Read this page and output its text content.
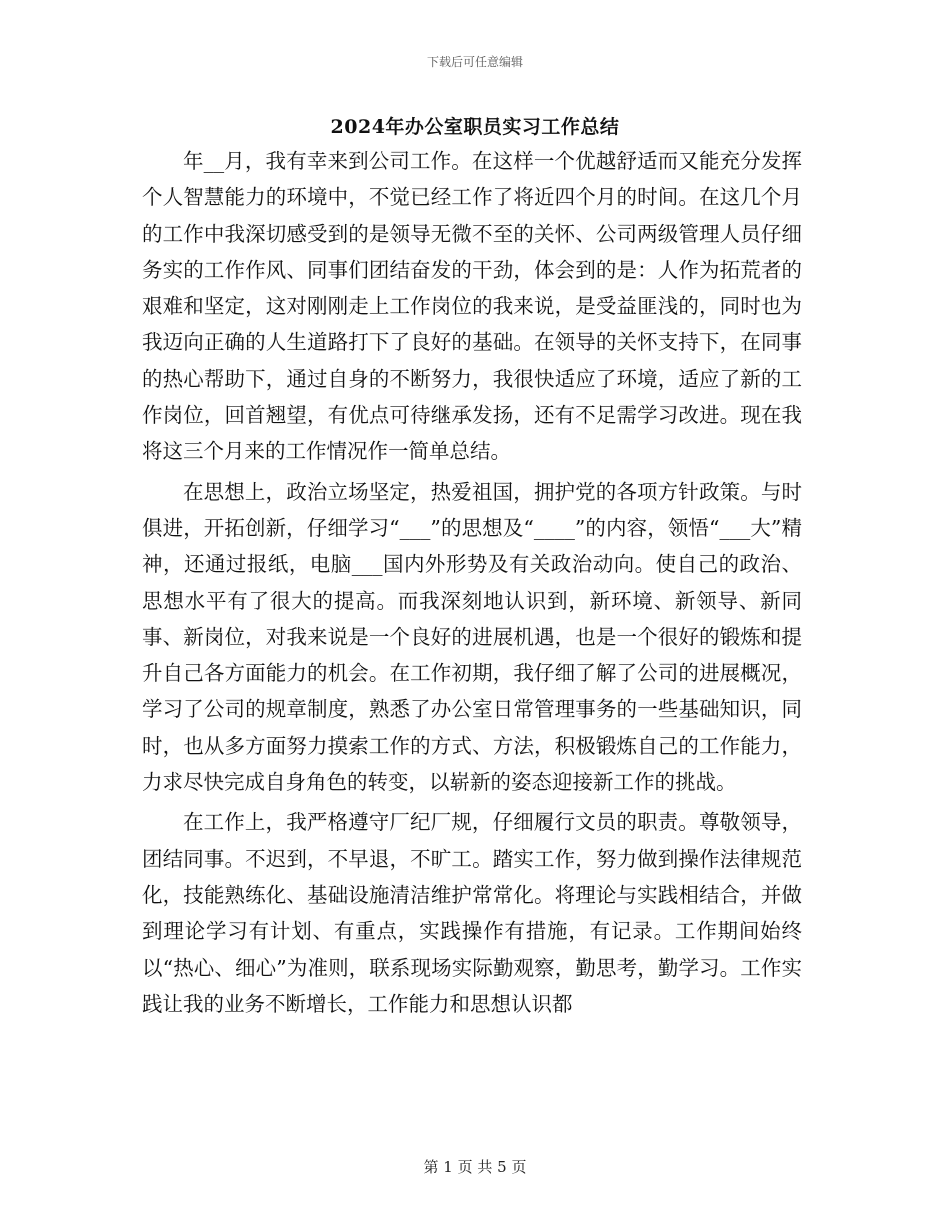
下载后可任意编辑
2024年办公室职员实习工作总结

年__月，我有幸来到公司工作。在这样一个优越舒适而又能充分发挥个人智慧能力的环境中，不觉已经工作了将近四个月的时间。在这几个月的工作中我深切感受到的是领导无微不至的关怀、公司两级管理人员仔细务实的工作作风、同事们团结奋发的干劲，体会到的是：人作为拓荒者的艰难和坚定，这对刚刚走上工作岗位的我来说，是受益匪浅的，同时也为我迈向正确的人生道路打下了良好的基础。在领导的关怀支持下，在同事的热心帮助下，通过自身的不断努力，我很快适应了环境，适应了新的工作岗位，回首翘望，有优点可待继承发扬，还有不足需学习改进。现在我将这三个月来的工作情况作一简单总结。

在思想上，政治立场坚定，热爱祖国，拥护党的各项方针政策。与时俱进，开拓创新，仔细学习“___”的思想及“____”的内容，领悟“___大”精神，还通过报纸，电脑___国内外形势及有关政治动向。使自己的政治、思想水平有了很大的提高。而我深刻地认识到，新环境、新领导、新同事、新岗位，对我来说是一个良好的进展机遇，也是一个很好的锻炼和提升自己各方面能力的机会。在工作初期，我仔细了解了公司的进展概况，学习了公司的规章制度，熟悉了办公室日常管理事务的一些基础知识，同时，也从多方面努力摸索工作的方式、方法，积极锻炼自己的工作能力，力求尽快完成自身角色的转变，以崭新的姿态迎接新工作的挑战。

在工作上，我严格遵守厂纪厂规，仔细履行文员的职责。尊敬领导，团结同事。不迟到，不早退，不旷工。踏实工作，努力做到操作法律规范化，技能熟练化、基础设施清洁维护常常化。将理论与实践相结合，并做到理论学习有计划、有重点，实践操作有措施，有记录。工作期间始终以“热心、细心”为准则，联系现场实际勤观察，勤思考，勤学习。工作实践让我的业务不断增长，工作能力和思想认识都

第 1 页 共 5 页
